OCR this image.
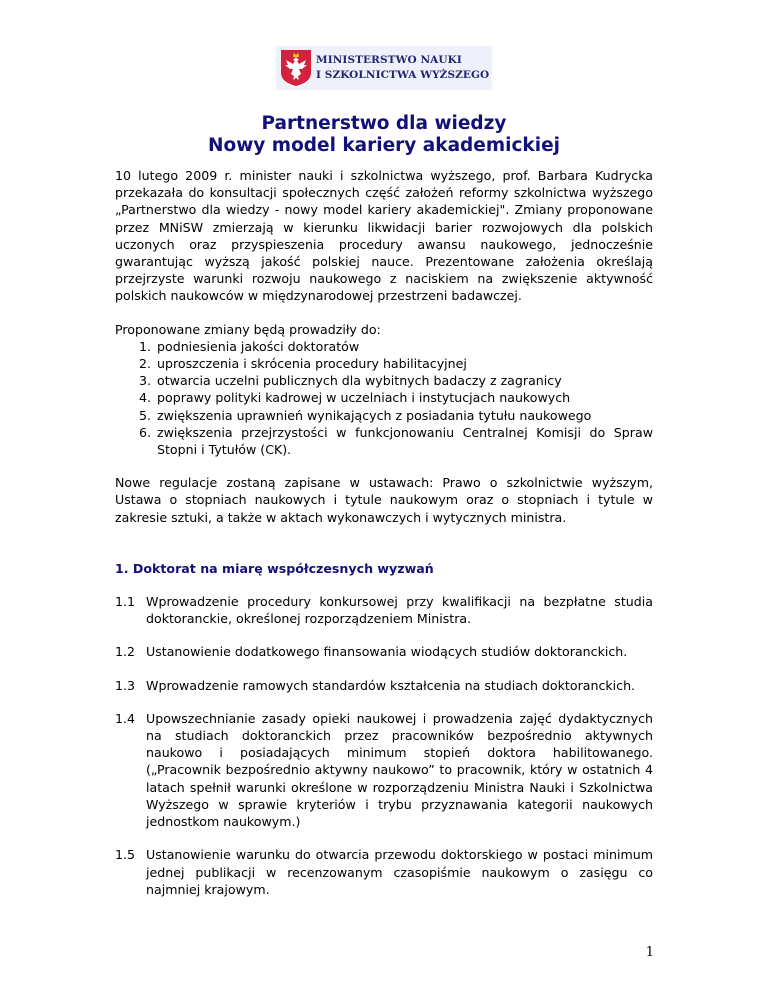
MINISTERSTWO NAUKI
I SZKOLNICTWA WYŻSZEGO
Partnerstwo dla wiedzy
Nowy model kariery akademickiej

10 lutego 2009 r. minister nauki i szkolnictwa wyższego, prof. Barbara Kudrycka przekazała do konsultacji społecznych część założeń reformy szkolnictwa wyższego „Partnerstwo dla wiedzy - nowy model kariery akademickiej". Zmiany proponowane przez MNiSW zmierzają w kierunku likwidacji barier rozwojowych dla polskich uczonych oraz przyspieszenia procedury awansu naukowego, jednocześnie gwarantując wyższą jakość polskiej nauce. Prezentowane założenia określają przejrzyste warunki rozwoju naukowego z naciskiem na zwiększenie aktywność polskich naukowców w międzynarodowej przestrzeni badawczej.

Proponowane zmiany będą prowadziły do:

1. podniesienia jakości doktoratów
2. uproszczenia i skrócenia procedury habilitacyjnej
3. otwarcia uczelni publicznych dla wybitnych badaczy z zagranicy
4. poprawy polityki kadrowej w uczelniach i instytucjach naukowych
5. zwiększenia uprawnień wynikających z posiadania tytułu naukowego
6. zwiększenia przejrzystości w funkcjonowaniu Centralnej Komisji do Spraw Stopni i Tytułów (CK).

Nowe regulacje zostaną zapisane w ustawach: Prawo o szkolnictwie wyższym, Ustawa o stopniach naukowych i tytule naukowym oraz o stopniach i tytule w zakresie sztuki, a także w aktach wykonawczych i wytycznych ministra.

1. Doktorat na miarę współczesnych wyzwań

1.1 Wprowadzenie procedury konkursowej przy kwalifikacji na bezpłatne studia doktoranckie, określonej rozporządzeniem Ministra.
1.2 Ustanowienie dodatkowego finansowania wiodących studiów doktoranckich.
1.3 Wprowadzenie ramowych standardów kształcenia na studiach doktoranckich.
1.4 Upowszechnianie zasady opieki naukowej i prowadzenia zajęć dydaktycznych na studiach doktoranckich przez pracowników bezpośrednio aktywnych naukowo i posiadających minimum stopień doktora habilitowanego. („Pracownik bezpośrednio aktywny naukowo” to pracownik, który w ostatnich 4 latach spełnił warunki określone w rozporządzeniu Ministra Nauki i Szkolnictwa Wyższego w sprawie kryteriów i trybu przyznawania kategorii naukowych jednostkom naukowym.)
1.5 Ustanowienie warunku do otwarcia przewodu doktorskiego w postaci minimum jednej publikacji w recenzowanym czasopiśmie naukowym o zasięgu co najmniej krajowym.
1
